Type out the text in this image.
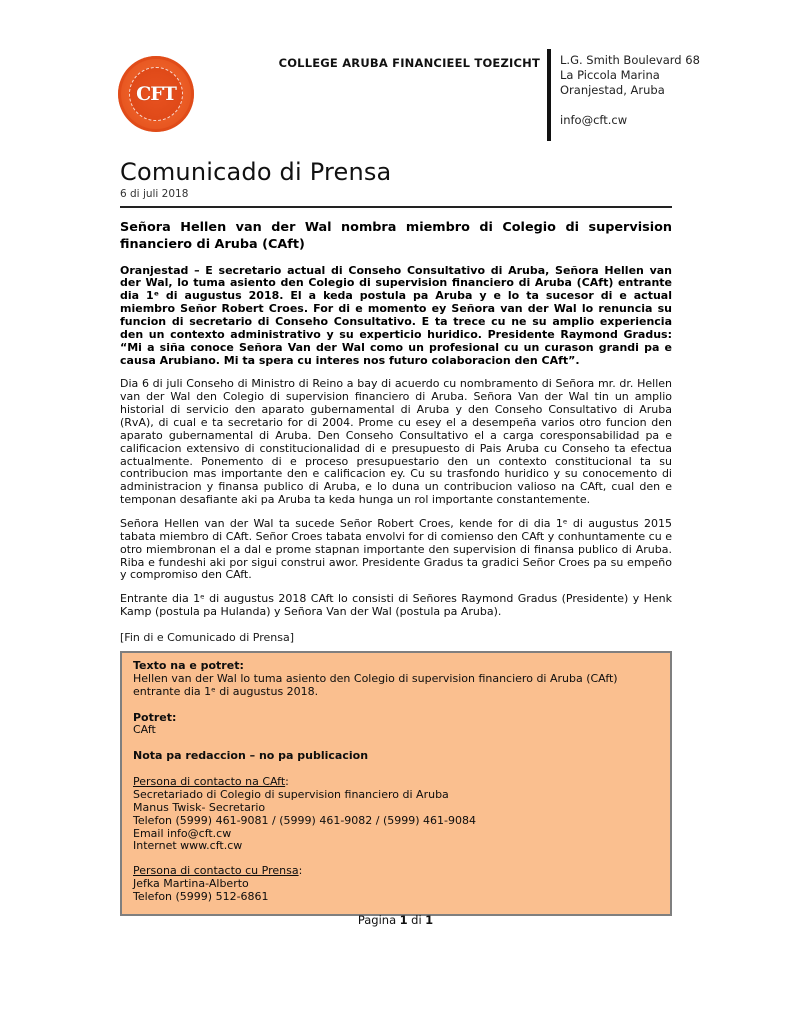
CFT
COLLEGE ARUBA FINANCIEEL TOEZICHT L.G. Smith Boulevard 68
La Piccola Marina
Oranjestad, Aruba
info@cft.cw
Comunicado di Prensa
6 di juli 2018
Señora Hellen van der Wal nombra miembro di Colegio di supervision financiero di Aruba (CAft)

Oranjestad – E secretario actual di Conseho Consultativo di Aruba, Señora Hellen van der Wal, lo tuma asiento den Colegio di supervision financiero di Aruba (CAft) entrante dia 1ᵉ di augustus 2018. El a keda postula pa Aruba y e lo ta sucesor di e actual miembro Señor Robert Croes. For di e momento ey Señora van der Wal lo renuncia su funcion di secretario di Conseho Consultativo. E ta trece cu ne su amplio experiencia den un contexto administrativo y su experticio huridico. Presidente Raymond Gradus: “Mi a siña conoce Señora Van der Wal como un profesional cu un curason grandi pa e causa Arubiano. Mi ta spera cu interes nos futuro colaboracion den CAft”.

Dia 6 di juli Conseho di Ministro di Reino a bay di acuerdo cu nombramento di Señora mr. dr. Hellen van der Wal den Colegio di supervision financiero di Aruba. Señora Van der Wal tin un amplio historial di servicio den aparato gubernamental di Aruba y den Conseho Consultativo di Aruba (RvA), di cual e ta secretario for di 2004. Prome cu esey el a desempeña varios otro funcion den aparato gubernamental di Aruba. Den Conseho Consultativo el a carga coresponsabilidad pa e calificacion extensivo di constitucionalidad di e presupuesto di Pais Aruba cu Conseho ta efectua actualmente. Ponemento di e proceso presupuestario den un contexto constitucional ta su contribucion mas importante den e calificacion ey. Cu su trasfondo huridico y su conocemento di administracion y finansa publico di Aruba, e lo duna un contribucion valioso na CAft, cual den e temponan desafiante aki pa Aruba ta keda hunga un rol importante constantemente.

Señora Hellen van der Wal ta sucede Señor Robert Croes, kende for di dia 1ᵉ di augustus 2015 tabata miembro di CAft. Señor Croes tabata envolvi for di comienso den CAft y conhuntamente cu e otro miembronan el a dal e prome stapnan importante den supervision di finansa publico di Aruba. Riba e fundeshi aki por sigui construi awor. Presidente Gradus ta gradici Señor Croes pa su empeño y compromiso den CAft.

Entrante dia 1ᵉ di augustus 2018 CAft lo consisti di Señores Raymond Gradus (Presidente) y Henk Kamp (postula pa Hulanda) y Señora Van der Wal (postula pa Aruba).

[Fin di e Comunicado di Prensa]
Texto na e potret:
Hellen van der Wal lo tuma asiento den Colegio di supervision financiero di Aruba (CAft) entrante dia 1ᵉ di augustus 2018.
Potret:
CAft
Nota pa redaccion – no pa publicacion
Persona di contacto na CAft:
Secretariado di Colegio di supervision financiero di Aruba
Manus Twisk- Secretario
Telefon (5999) 461-9081 / (5999) 461-9082 / (5999) 461-9084
Email info@cft.cw
Internet www.cft.cw
Persona di contacto cu Prensa:
Jefka Martina-Alberto
Telefon (5999) 512-6861
Pagina 1 di 1
